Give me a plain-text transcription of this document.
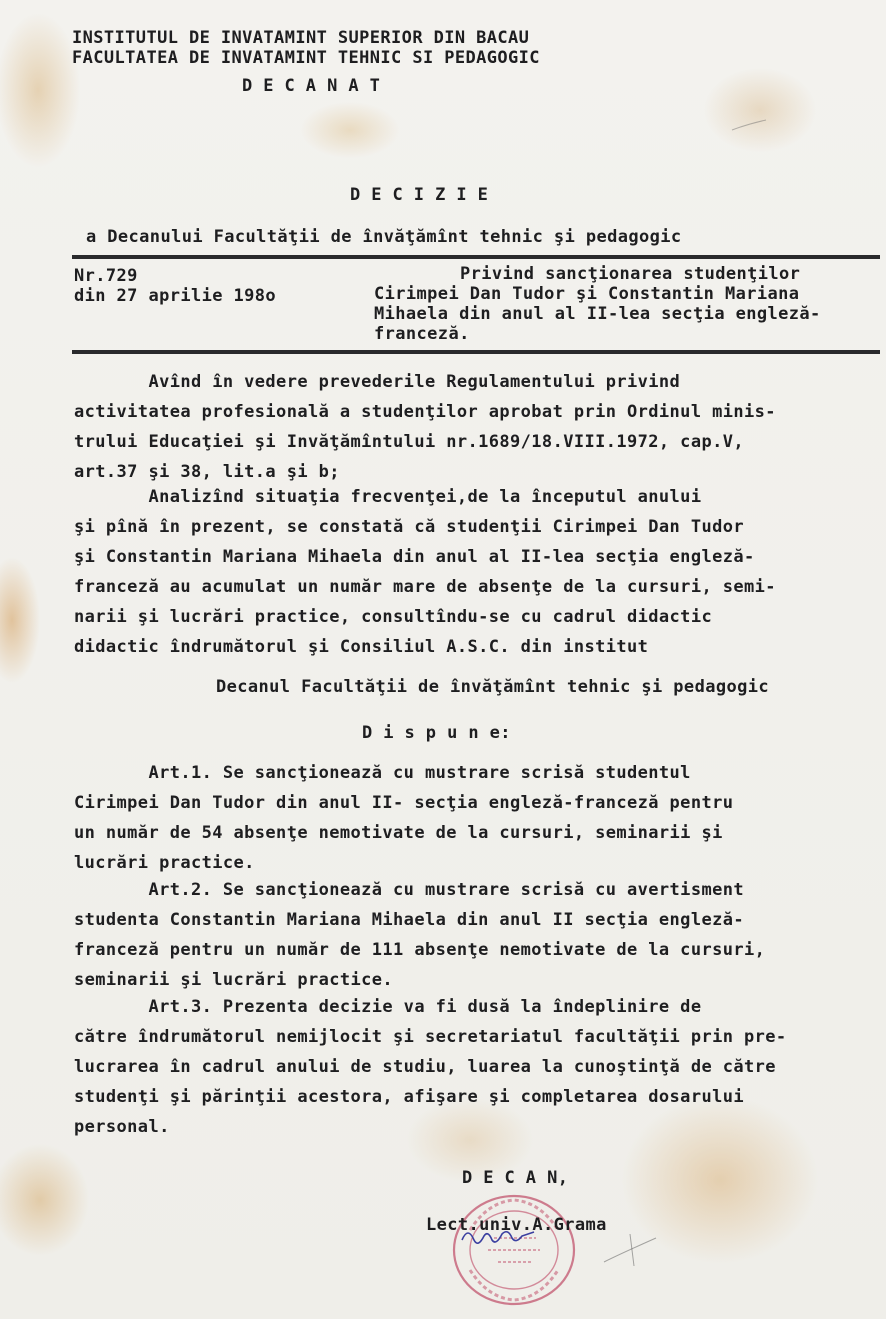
INSTITUTUL DE INVATAMINT SUPERIOR DIN BACAU
FACULTATEA DE INVATAMINT TEHNIC SI PEDAGOGIC
D E C A N A T
D E C I Z I E
a Decanului Facultăţii de învăţămînt tehnic şi pedagogic
Nr.729
din 27 aprilie 198o
Privind sancţionarea studenţilor
Cirimpei Dan Tudor şi Constantin Mariana
Mihaela din anul al II-lea secţia engleză-
franceză.
Avînd în vedere prevederile Regulamentului privind
activitatea profesională a studenţilor aprobat prin Ordinul minis-
trului Educaţiei şi Invăţămîntului nr.1689/18.VIII.1972, cap.V,
art.37 şi 38, lit.a şi b;
Analizînd situaţia frecvenţei,de la începutul anului
şi pînă în prezent, se constată că studenţii Cirimpei Dan Tudor
şi Constantin Mariana Mihaela din anul al II-lea secţia engleză-
franceză au acumulat un număr mare de absenţe de la cursuri, semi-
narii şi lucrări practice, consultîndu-se cu cadrul didactic
didactic îndrumătorul şi Consiliul A.S.C. din institut
Decanul Facultăţii de învăţămînt tehnic şi pedagogic
D i s p u n e:
Art.1. Se sancţionează cu mustrare scrisă studentul
Cirimpei Dan Tudor din anul II- secţia engleză-franceză pentru
un număr de 54 absenţe nemotivate de la cursuri, seminarii şi
lucrări practice.
Art.2. Se sancţionează cu mustrare scrisă cu avertisment
studenta Constantin Mariana Mihaela din anul II secţia engleză-
franceză pentru un număr de 111 absenţe nemotivate de la cursuri,
seminarii şi lucrări practice.
Art.3. Prezenta decizie va fi dusă la îndeplinire de
către îndrumătorul nemijlocit şi secretariatul facultăţii prin pre-
lucrarea în cadrul anului de studiu, luarea la cunoştinţă de către
studenţi şi părinţii acestora, afişare şi completarea dosarului
personal.
D E C A N,
Lect.univ.A.Grama
